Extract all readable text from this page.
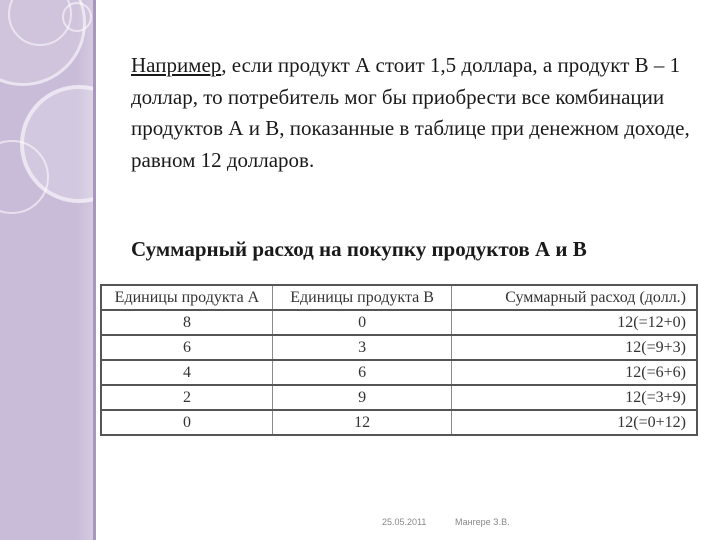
Например, если продукт А стоит 1,5 доллара, а продукт В – 1 доллар, то потребитель мог бы приобрести все комбинации продуктов А и В, показанные в таблице при денежном доходе, равном 12 долларов.

Суммарный расход на покупку продуктов А и В
Единицы продукта А	Единицы продукта В	Суммарный расход (долл.)
8	0	12(=12+0)
6	3	12(=9+3)
4	6	12(=6+6)
2	9	12(=3+9)
0	12	12(=0+12)
25.05.2011	Мангере З.В.
